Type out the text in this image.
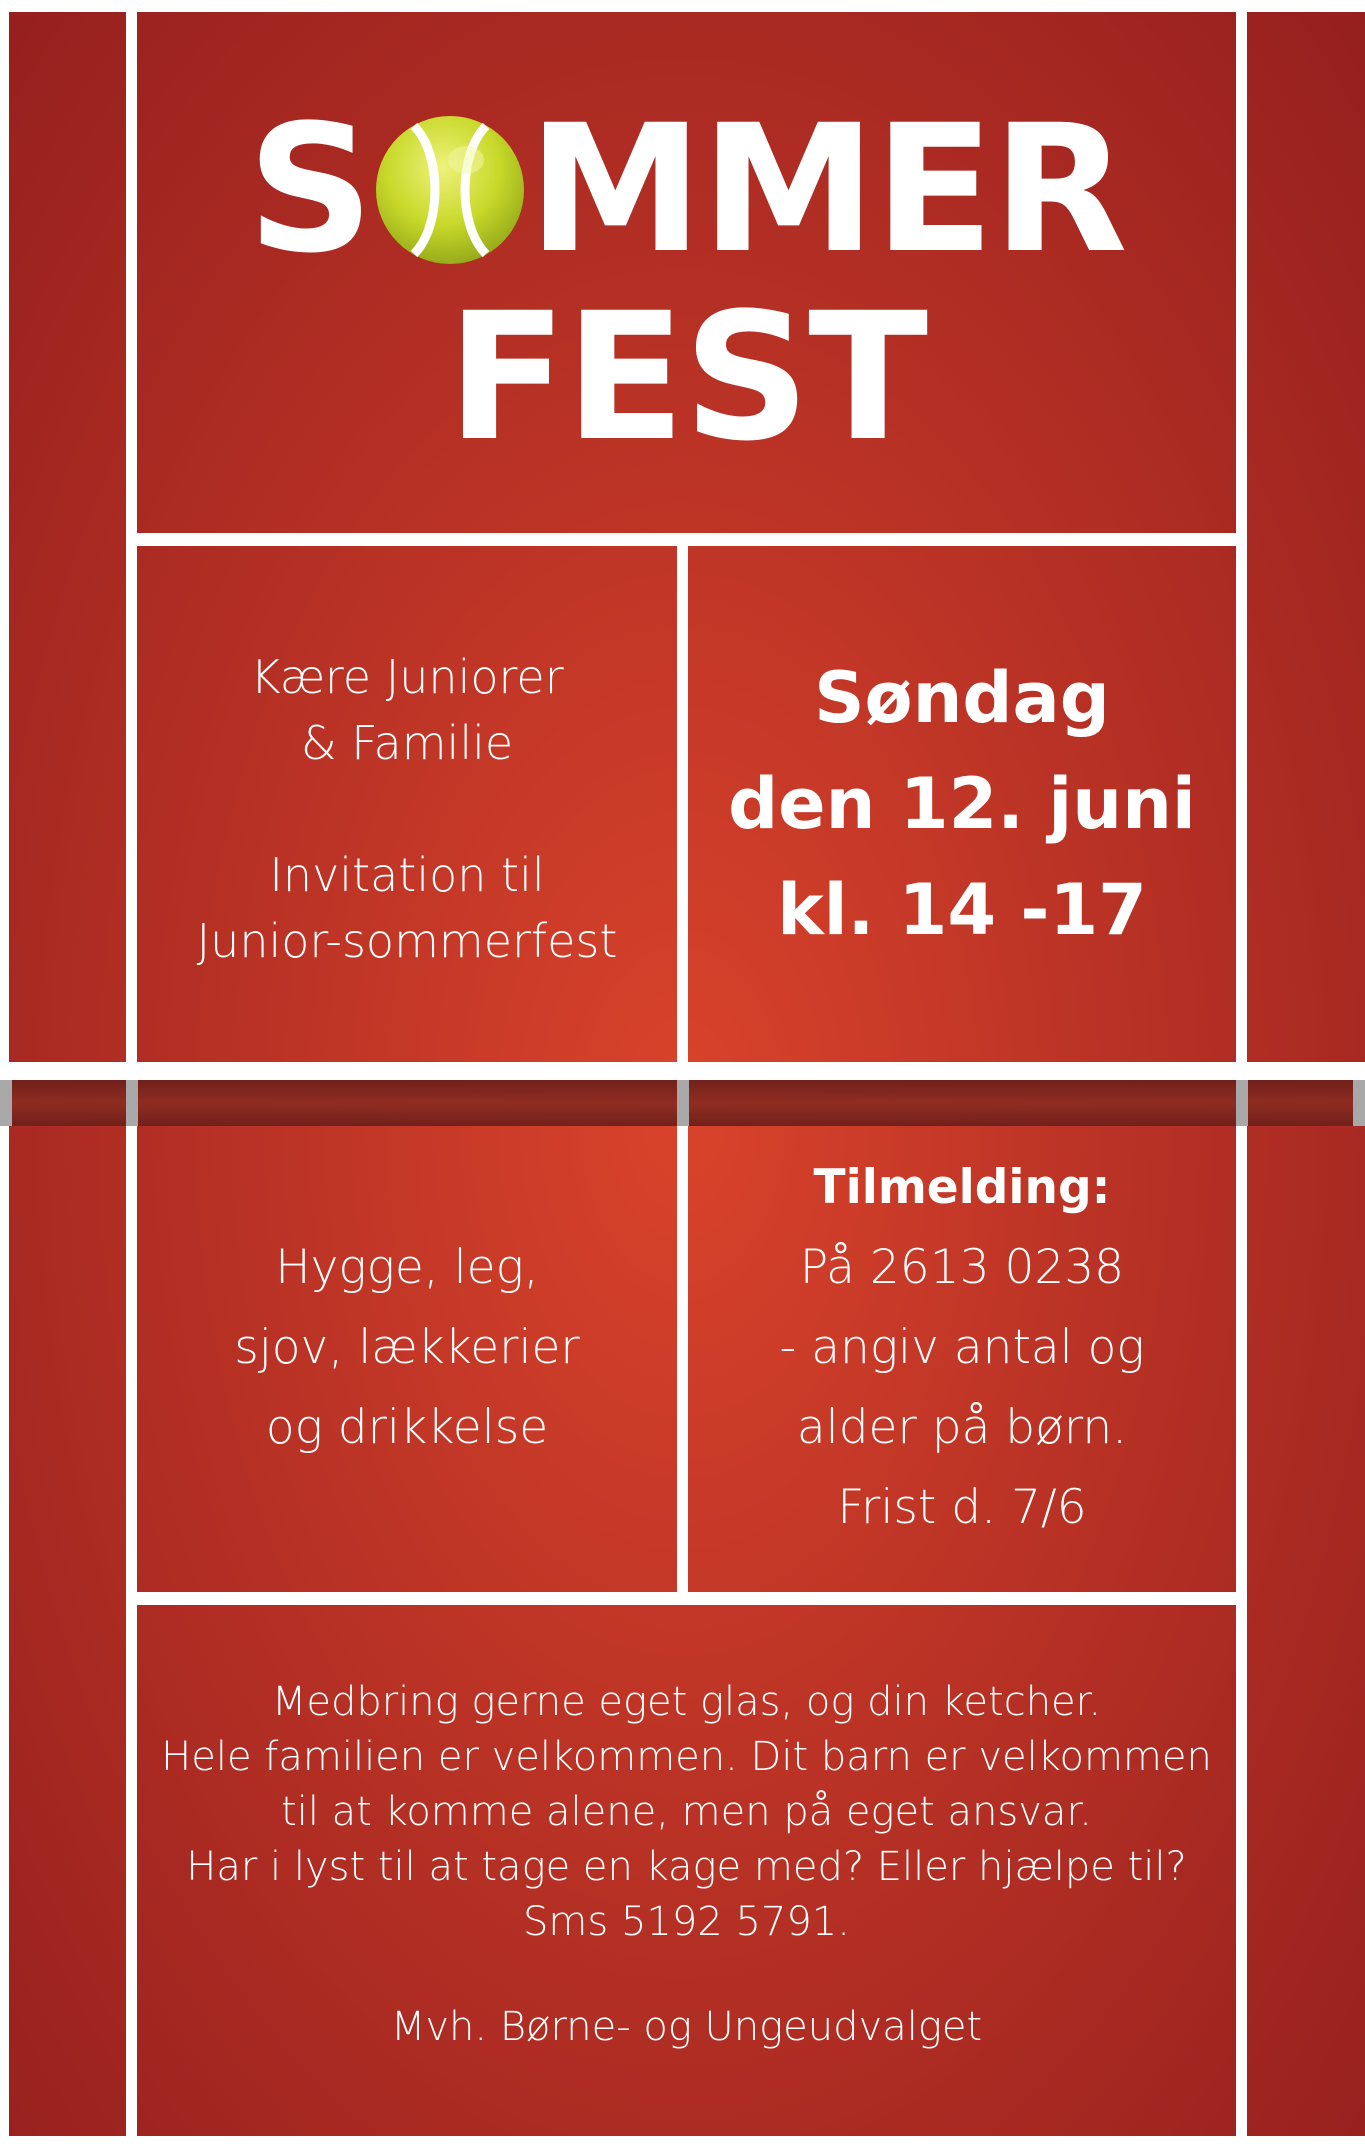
S MMER
FEST
Kære Juniorer
& Familie
Invitation til
Junior-sommerfest
Søndag
den 12. juni
kl. 14 -17
Hygge, leg,
sjov, lækkerier
og drikkelse
Tilmelding:
På 2613 0238
- angiv antal og
alder på børn.
Frist d. 7/6
Medbring gerne eget glas, og din ketcher.
Hele familien er velkommen. Dit barn er velkommen
til at komme alene, men på eget ansvar.
Har i lyst til at tage en kage med? Eller hjælpe til?
Sms 5192 5791.
Mvh. Børne- og Ungeudvalget
